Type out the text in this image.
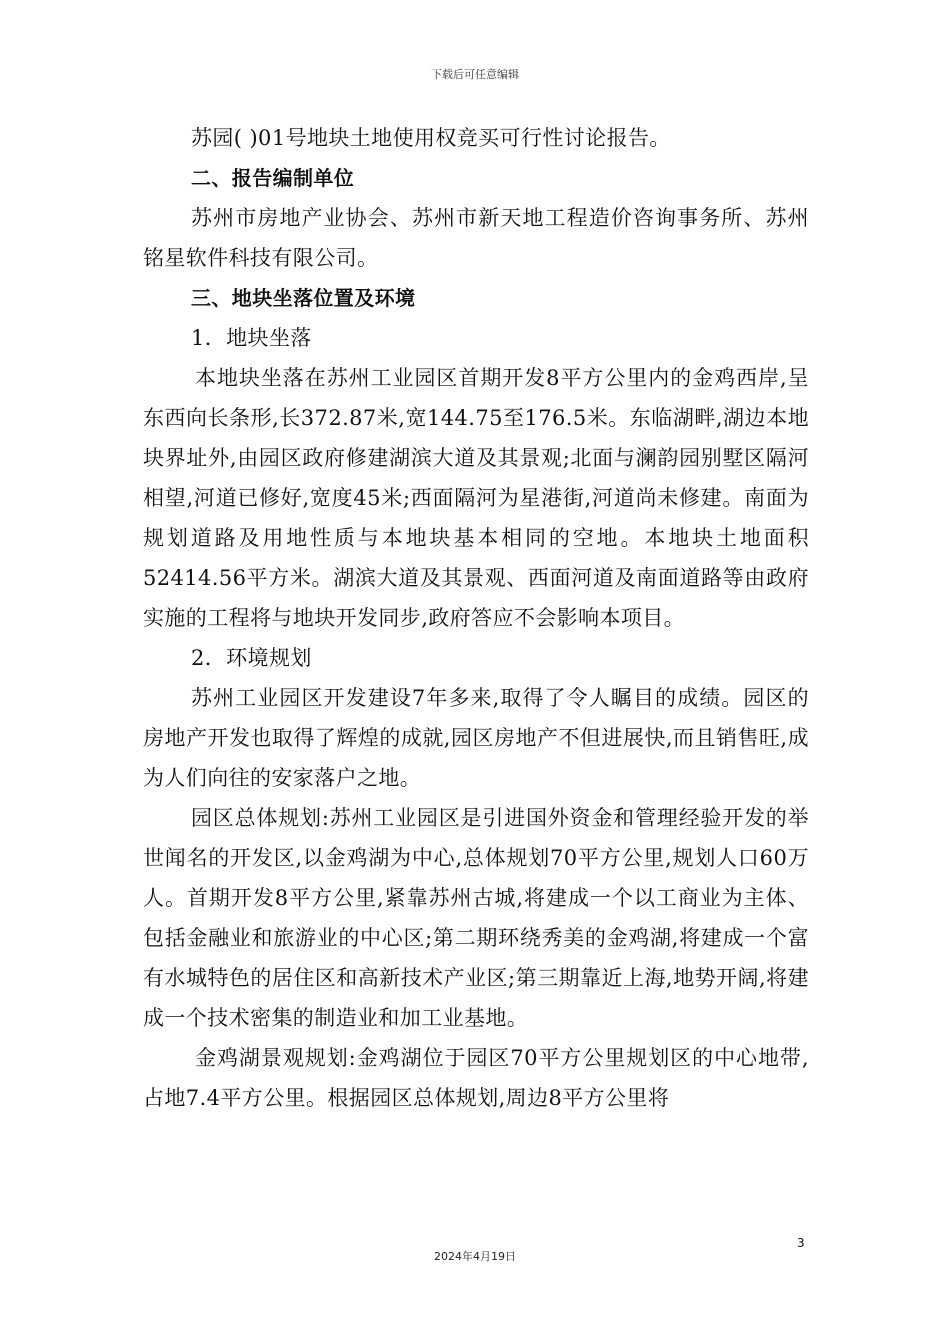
下载后可任意编辑

苏园( )01号地块土地使用权竞买可行性讨论报告。

二、报告编制单位

苏州市房地产业协会、苏州市新天地工程造价咨询事务所、苏州铭星软件科技有限公司。

三、地块坐落位置及环境

1．地块坐落

本地块坐落在苏州工业园区首期开发8平方公里内的金鸡西岸,呈东西向长条形,长372.87米,宽144.75至176.5米。东临湖畔,湖边本地块界址外,由园区政府修建湖滨大道及其景观;北面与澜韵园别墅区隔河相望,河道已修好,宽度45米;西面隔河为星港街,河道尚未修建。南面为规划道路及用地性质与本地块基本相同的空地。本地块土地面积52414.56平方米。湖滨大道及其景观、西面河道及南面道路等由政府实施的工程将与地块开发同步,政府答应不会影响本项目。

2．环境规划

苏州工业园区开发建设7年多来,取得了令人瞩目的成绩。园区的房地产开发也取得了辉煌的成就,园区房地产不但进展快,而且销售旺,成为人们向往的安家落户之地。

园区总体规划:苏州工业园区是引进国外资金和管理经验开发的举世闻名的开发区,以金鸡湖为中心,总体规划70平方公里,规划人口60万人。首期开发8平方公里,紧靠苏州古城,将建成一个以工商业为主体、包括金融业和旅游业的中心区;第二期环绕秀美的金鸡湖,将建成一个富有水城特色的居住区和高新技术产业区;第三期靠近上海,地势开阔,将建成一个技术密集的制造业和加工业基地。

金鸡湖景观规划:金鸡湖位于园区70平方公里规划区的中心地带,占地7.4平方公里。根据园区总体规划,周边8平方公里将

3
2024年4月19日
